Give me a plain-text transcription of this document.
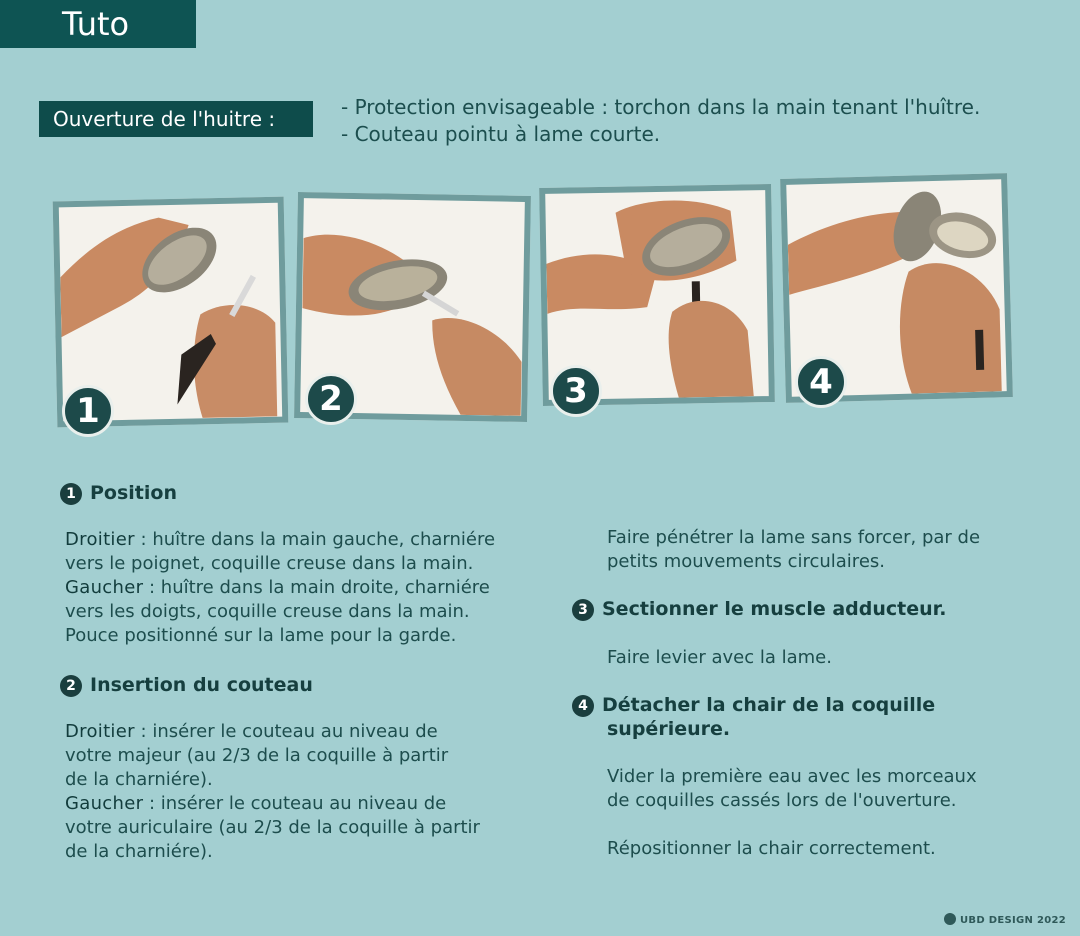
Tuto
Ouverture de l'huitre :	- Protection envisageable : torchon dans la main tenant l'huître.
- Couteau pointu à lame courte.
1	2	3	4
1 Position
Droitier : huître dans la main gauche, charniére
vers le poignet, coquille creuse dans la main.
Gaucher : huître dans la main droite, charniére
vers les doigts, coquille creuse dans la main.
Pouce positionné sur la lame pour la garde.
2 Insertion du couteau
Droitier : insérer le couteau au niveau de
votre majeur (au 2/3 de la coquille à partir
de la charniére).
Gaucher : insérer le couteau au niveau de
votre auriculaire (au 2/3 de la coquille à partir
de la charniére).
Faire pénétrer la lame sans forcer, par de
petits mouvements circulaires.
3 Sectionner le muscle adducteur.
Faire levier avec la lame.
4 Détacher la chair de la coquille
supérieure.
Vider la première eau avec les morceaux
de coquilles cassés lors de l'ouverture.
Répositionner la chair correctement.
UBD DESIGN 2022
